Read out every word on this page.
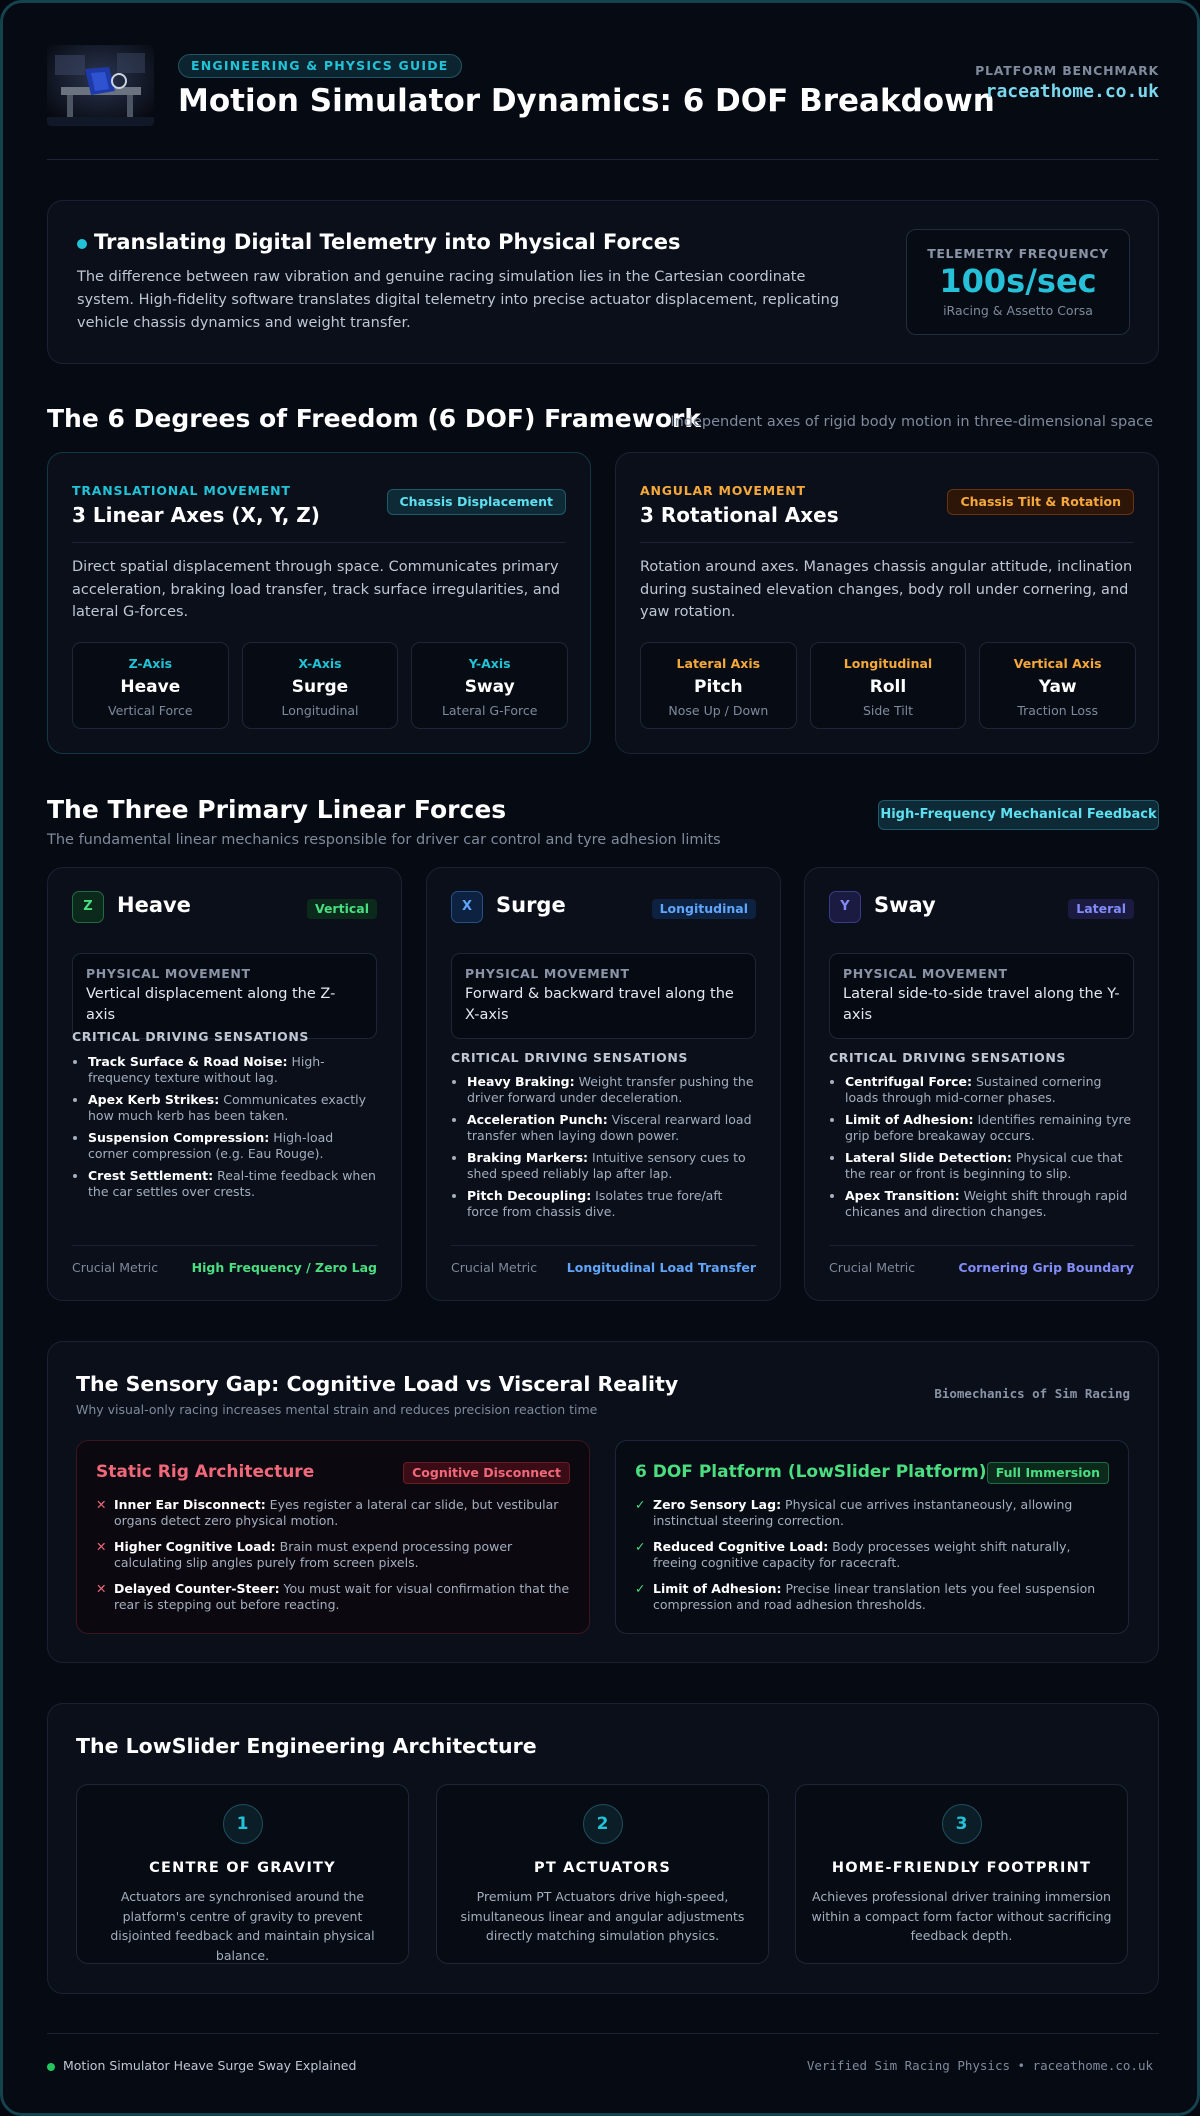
ENGINEERING & PHYSICS GUIDE
Motion Simulator Dynamics: 6 DOF Breakdown
PLATFORM BENCHMARK
raceathome.co.uk
Translating Digital Telemetry into Physical Forces
The difference between raw vibration and genuine racing simulation lies in the Cartesian coordinate system. High-fidelity software translates digital telemetry into precise actuator displacement, replicating vehicle chassis dynamics and weight transfer.
TELEMETRY FREQUENCY
100s/sec
iRacing & Assetto Corsa
The 6 Degrees of Freedom (6 DOF) Framework
Independent axes of rigid body motion in three-dimensional space
TRANSLATIONAL MOVEMENT
3 Linear Axes (X, Y, Z)
Chassis Displacement
Direct spatial displacement through space. Communicates primary acceleration, braking load transfer, track surface irregularities, and lateral G-forces.
Z-Axis
Heave
Vertical Force
X-Axis
Surge
Longitudinal
Y-Axis
Sway
Lateral G-Force
ANGULAR MOVEMENT
3 Rotational Axes
Chassis Tilt & Rotation
Rotation around axes. Manages chassis angular attitude, inclination during sustained elevation changes, body roll under cornering, and yaw rotation.
Lateral Axis
Pitch
Nose Up / Down
Longitudinal
Roll
Side Tilt
Vertical Axis
Yaw
Traction Loss
The Three Primary Linear Forces
The fundamental linear mechanics responsible for driver car control and tyre adhesion limits
High-Frequency Mechanical Feedback
Z	Heave	Vertical
PHYSICAL MOVEMENT
Vertical displacement along the Z-axis
CRITICAL DRIVING SENSATIONS
• Track Surface & Road Noise: High-frequency texture without lag.
• Apex Kerb Strikes: Communicates exactly how much kerb has been taken.
• Suspension Compression: High-load corner compression (e.g. Eau Rouge).
• Crest Settlement: Real-time feedback when the car settles over crests.
Crucial Metric	High Frequency / Zero Lag
X	Surge	Longitudinal
PHYSICAL MOVEMENT
Forward & backward travel along the X-axis
CRITICAL DRIVING SENSATIONS
• Heavy Braking: Weight transfer pushing the driver forward under deceleration.
• Acceleration Punch: Visceral rearward load transfer when laying down power.
• Braking Markers: Intuitive sensory cues to shed speed reliably lap after lap.
• Pitch Decoupling: Isolates true fore/aft force from chassis dive.
Crucial Metric Longitudinal Load Transfer
Y	Sway	Lateral
PHYSICAL MOVEMENT
Lateral side-to-side travel along the Y-axis
CRITICAL DRIVING SENSATIONS
• Centrifugal Force: Sustained cornering loads through mid-corner phases.
• Limit of Adhesion: Identifies remaining tyre grip before breakaway occurs.
• Lateral Slide Detection: Physical cue that the rear or front is beginning to slip.
• Apex Transition: Weight shift through rapid chicanes and direction changes.
Crucial Metric	Cornering Grip Boundary
The Sensory Gap: Cognitive Load vs Visceral Reality
Why visual-only racing increases mental strain and reduces precision reaction time
Biomechanics of Sim Racing
Static Rig Architecture	Cognitive Disconnect
✕ Inner Ear Disconnect: Eyes register a lateral car slide, but vestibular organs detect zero physical motion.
✕ Higher Cognitive Load: Brain must expend processing power calculating slip angles purely from screen pixels.
✕ Delayed Counter-Steer: You must wait for visual confirmation that the rear is stepping out before reacting.
6 DOF Platform (LowSlider Platform) Full Immersion
✓ Zero Sensory Lag: Physical cue arrives instantaneously, allowing instinctual steering correction.
✓ Reduced Cognitive Load: Body processes weight shift naturally, freeing cognitive capacity for racecraft.
✓ Limit of Adhesion: Precise linear translation lets you feel suspension compression and road adhesion thresholds.
The LowSlider Engineering Architecture
1
CENTRE OF GRAVITY
Actuators are synchronised around the platform's centre of gravity to prevent disjointed feedback and maintain physical balance.
2
PT ACTUATORS
Premium PT Actuators drive high-speed, simultaneous linear and angular adjustments directly matching simulation physics.
3
HOME-FRIENDLY FOOTPRINT
Achieves professional driver training immersion within a compact form factor without sacrificing feedback depth.
Motion Simulator Heave Surge Sway Explained	Verified Sim Racing Physics • raceathome.co.uk
